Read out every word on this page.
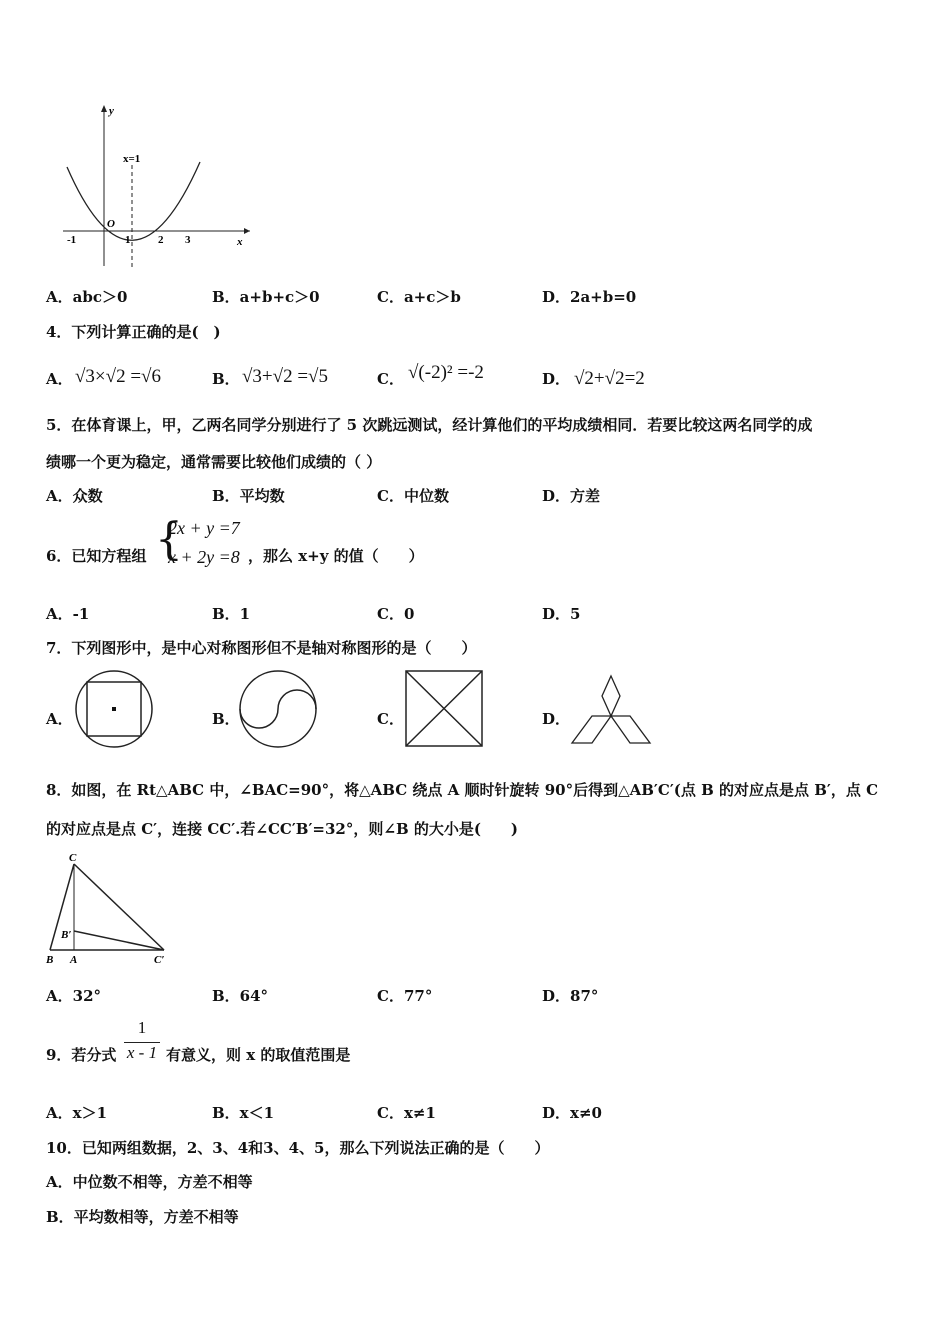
y
x
x=1
O
-1	1	2 3
A．abc＞0	B．a+b+c＞0	C．a+c＞b	D．2a+b=0
4．下列计算正确的是(　)
A． √3×√2 =√6	B． √3+√2 =√5	C． √(-2)² =-2	D． √2+√2=2
5．在体育课上，甲，乙两名同学分别进行了 5 次跳远测试，经计算他们的平均成绩相同．若要比较这两名同学的成
绩哪一个更为稳定，通常需要比较他们成绩的（ ）
A．众数	B．平均数	C．中位数	D．方差
6．已知方程组 {
2x + y =7
x + 2y =8 ，那么 x+y 的值（　　）
A．-1	B．1	C．0	D．5
7．下列图形中，是中心对称图形但不是轴对称图形的是（　　）
A．	B．	C．	D．
8．如图，在 Rt△ABC 中，∠BAC=90°，将△ABC 绕点 A 顺时针旋转 90°后得到△AB′C′(点 B 的对应点是点 B′，点 C
的对应点是点 C′，连接 CC′.若∠CC′B′=32°，则∠B 的大小是(　　)
C
B′
B A	C′
A．32°	B．64°	C．77°	D．87°
9．若分式
1
x - 1 有意义，则 x 的取值范围是
A．x＞1	B．x＜1	C．x≠1	D．x≠0
10．已知两组数据，2、3、4和3、4、5，那么下列说法正确的是（　　）
A．中位数不相等，方差不相等
B．平均数相等，方差不相等
